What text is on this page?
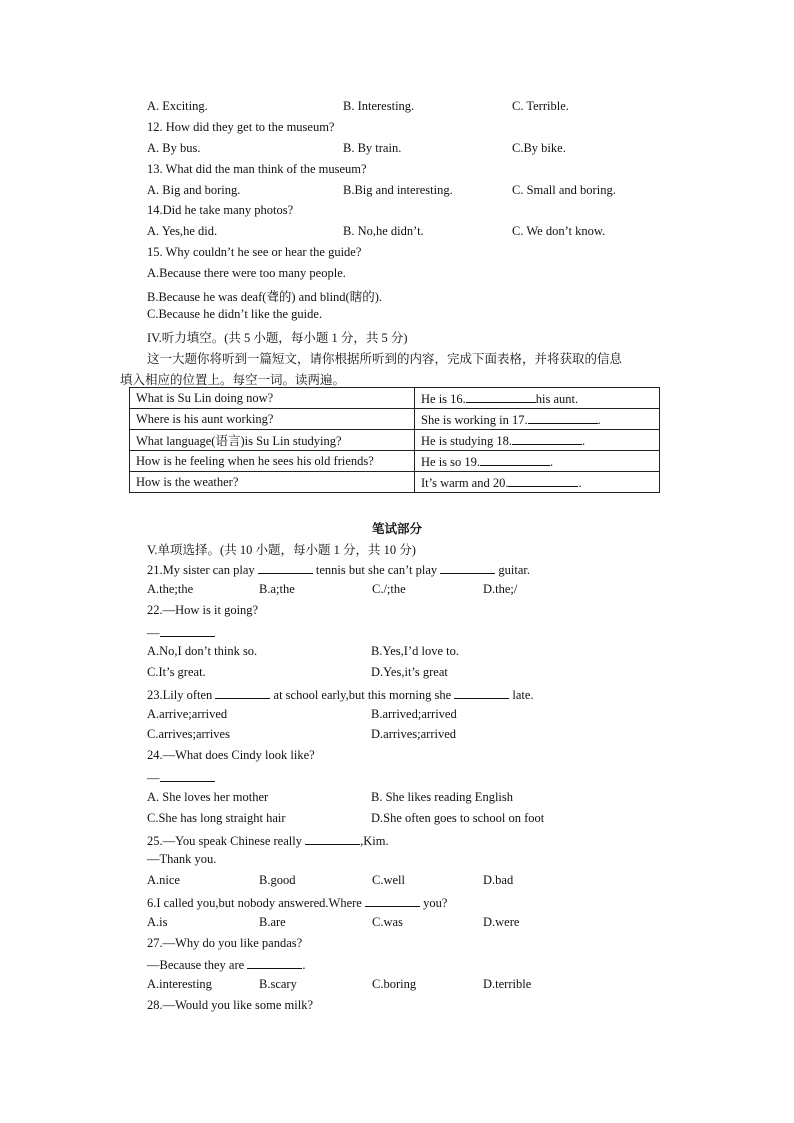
A. Exciting.	B. Interesting.	C. Terrible.
12. How did they get to the museum?
A. By bus.	B. By train.	C.By bike.
13. What did the man think of the museum?
A. Big and boring.	B.Big and interesting.	C. Small and boring.
14.Did he take many photos?
A. Yes,he did.	B. No,he didn’t.	C. We don’t know.
15. Why couldn’t he see or hear the guide?
A.Because there were too many people.
B.Because he was deaf(聋的) and blind(瞎的).
C.Because he didn’t like the guide.
IV.听力填空。(共 5 小题，每小题 1 分，共 5 分)
这一大题你将听到一篇短文，请你根据所听到的内容，完成下面表格，并将获取的信息
填入相应的位置上。每空一词。读两遍。
What is Su Lin doing now?	He is 16. his aunt.
Where is his aunt working?	She is working in 17. .
What language(语言)is Su Lin studying?	He is studying 18. .
How is he feeling when he sees his old friends?	He is so 19. .
How is the weather?	It’s warm and 20. .
笔试部分
V.单项选择。(共 10 小题，每小题 1 分，共 10 分)
21.My sister can play	tennis but she can’t play	guitar.
A.the;the	B.a;the	C./;the	D.the;/
22.—How is it going?
—
A.No,I don’t think so.	B.Yes,I’d love to.
C.It’s great.	D.Yes,it’s great
23.Lily often	at school early,but this morning she	late.
A.arrive;arrived	B.arrived;arrived
C.arrives;arrives	D.arrives;arrived
24.—What does Cindy look like?
—
A. She loves her mother	B. She likes reading English
C.She has long straight hair	D.She often goes to school on foot
25.—You speak Chinese really	,Kim.
—Thank you.
A.nice	B.good	C.well	D.bad
6.I called you,but nobody answered.Where	you?
A.is	B.are	C.was	D.were
27.—Why do you like pandas?
—Because they are	.
A.interesting	B.scary	C.boring	D.terrible
28.—Would you like some milk?
